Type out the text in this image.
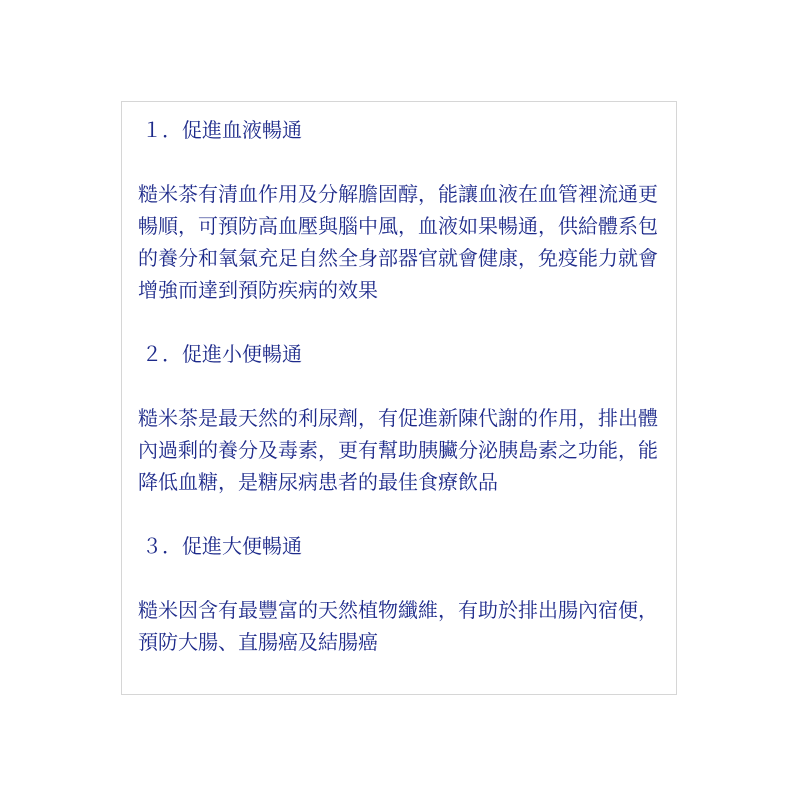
１．促進血液暢通

糙米茶有清血作用及分解膽固醇，能讓血液在血管裡流通更暢順，可預防高血壓與腦中風，血液如果暢通，供給體系包的養分和氧氣充足自然全身部器官就會健康，免疫能力就會增強而達到預防疾病的效果

２．促進小便暢通

糙米茶是最天然的利尿劑，有促進新陳代謝的作用，排出體內過剩的養分及毒素，更有幫助胰臟分泌胰島素之功能，能降低血糖，是糖尿病患者的最佳食療飲品

３．促進大便暢通

糙米因含有最豐富的天然植物纖維，有助於排出腸內宿便，預防大腸、直腸癌及結腸癌
